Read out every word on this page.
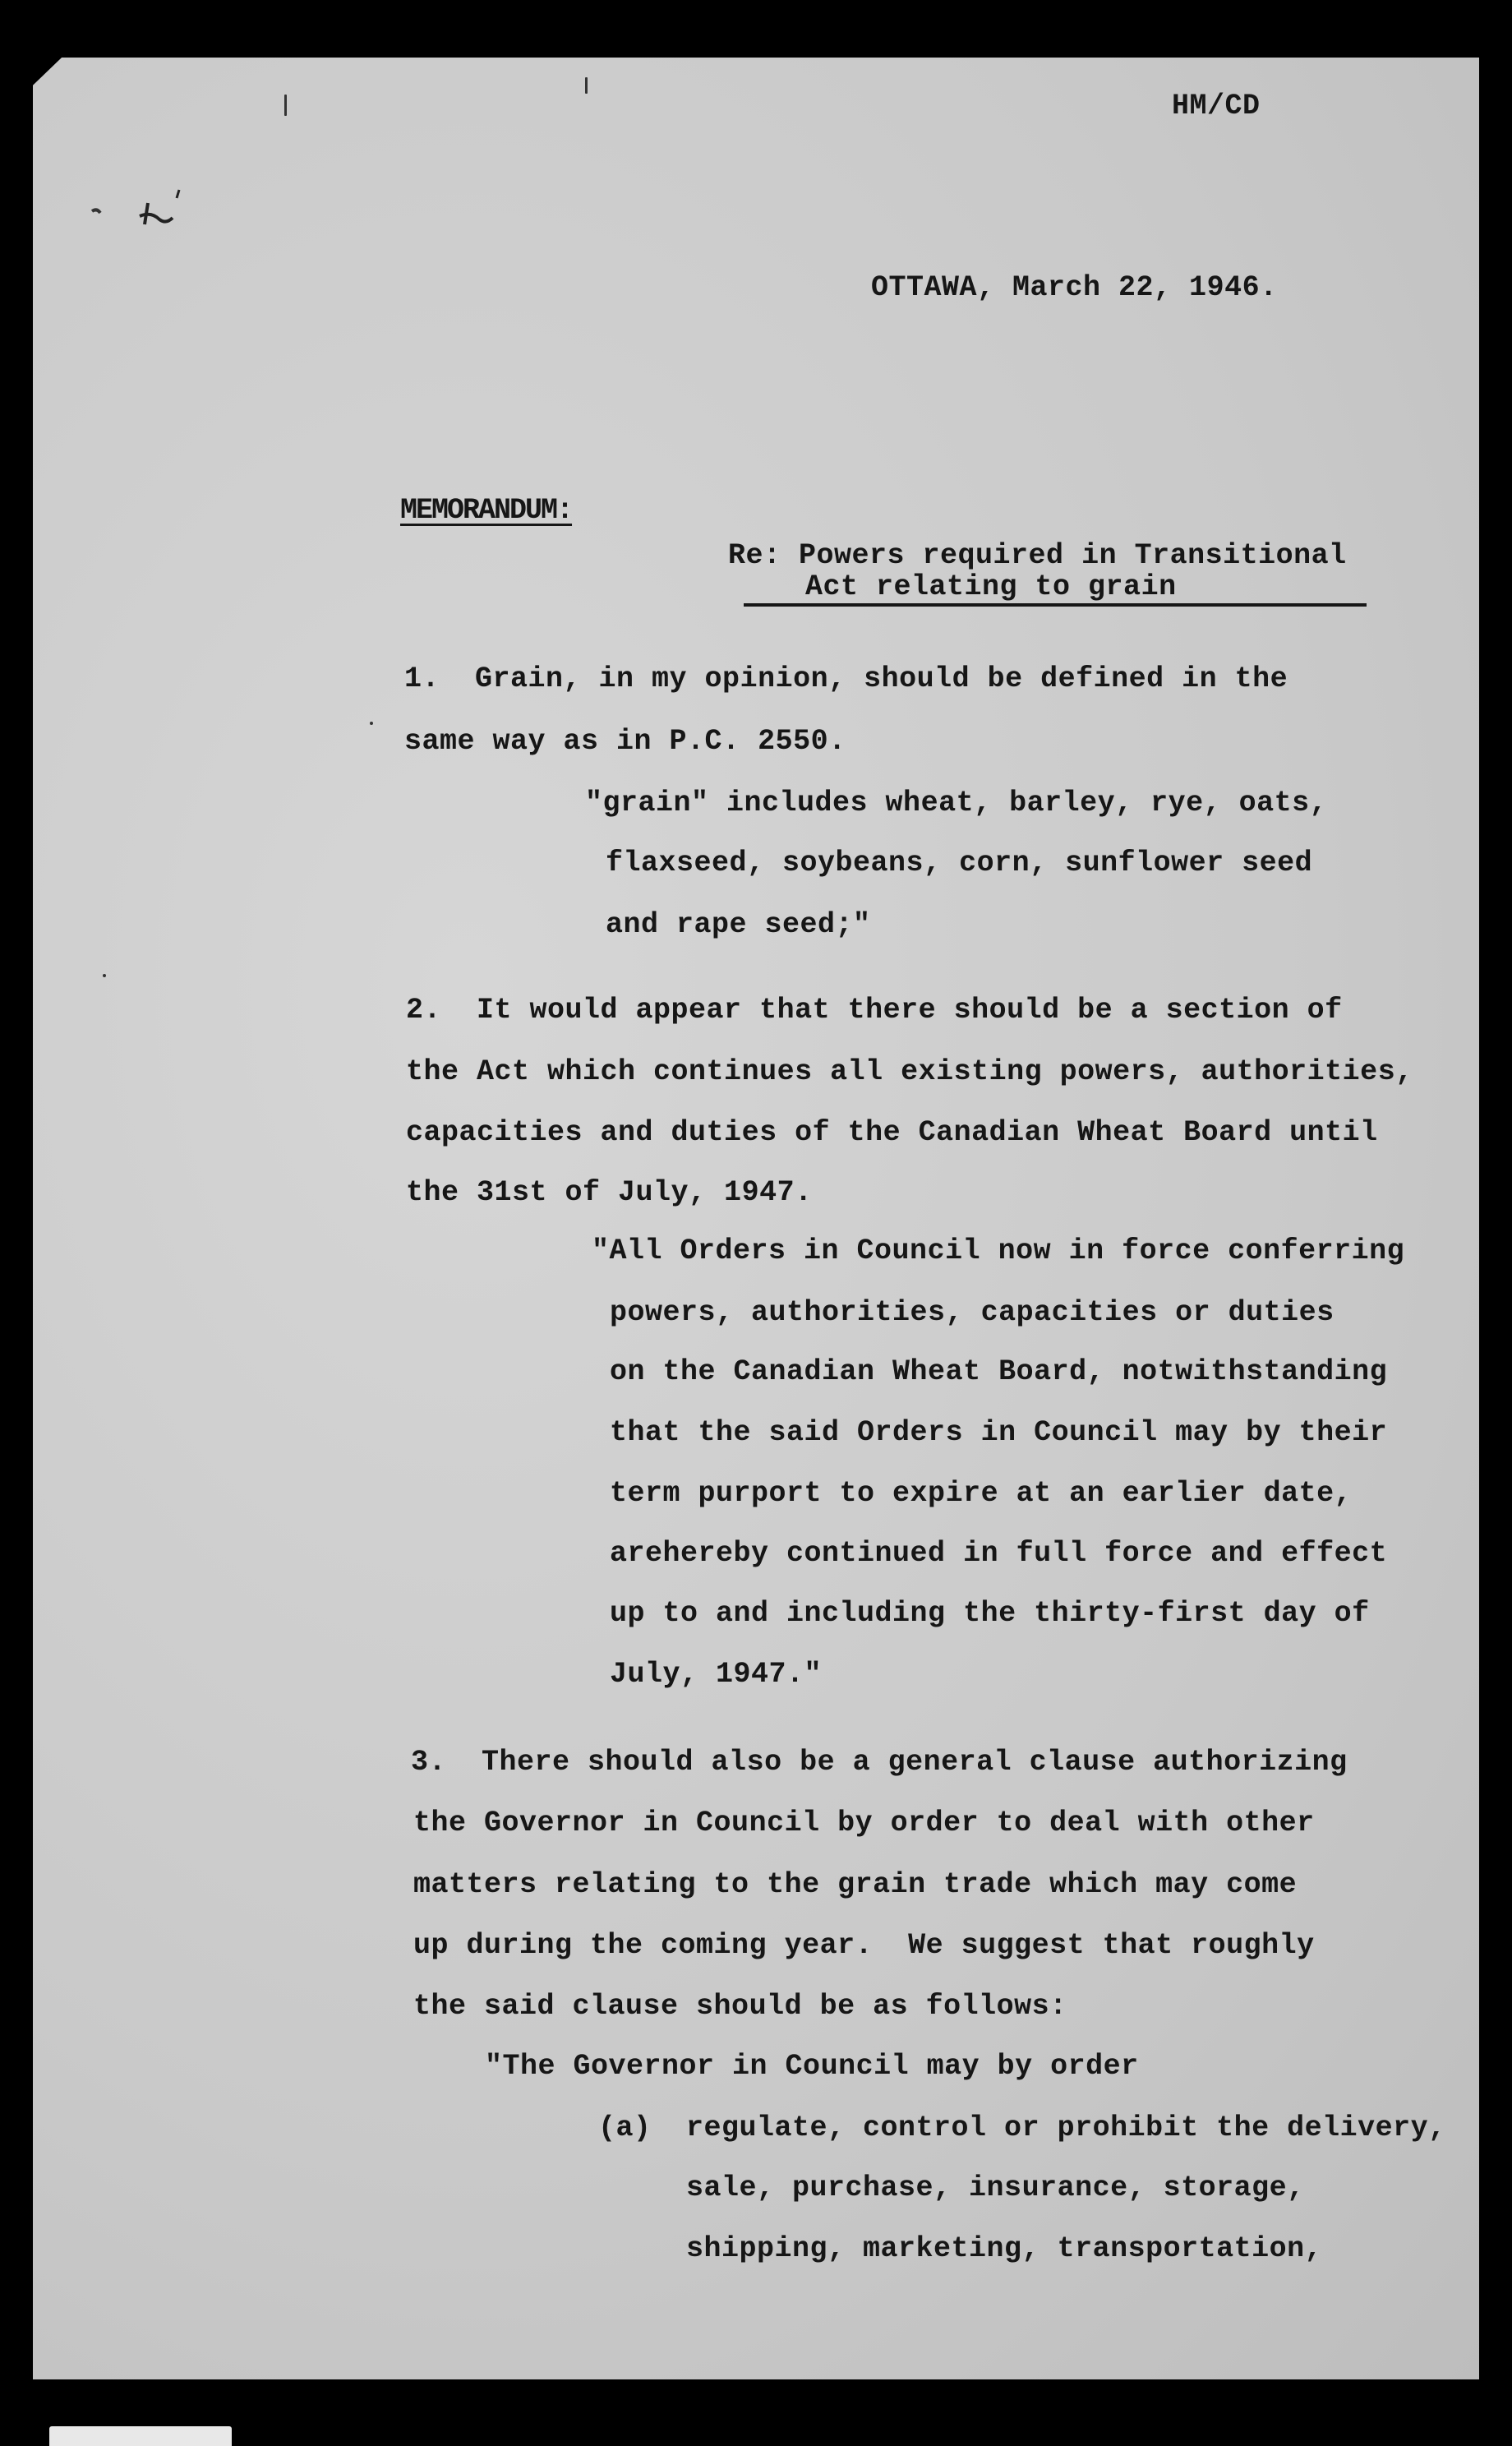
HM/CD
OTTAWA, March 22, 1946.
MEMORANDUM:
Re: Powers required in Transitional
Act relating to grain
1.  Grain, in my opinion, should be defined in the
same way as in P.C. 2550.
"grain" includes wheat, barley, rye, oats,
flaxseed, soybeans, corn, sunflower seed
and rape seed;"
2.  It would appear that there should be a section of
the Act which continues all existing powers, authorities,
capacities and duties of the Canadian Wheat Board until
the 31st of July, 1947.
"All Orders in Council now in force conferring
powers, authorities, capacities or duties
on the Canadian Wheat Board, notwithstanding
that the said Orders in Council may by their
term purport to expire at an earlier date,
arehereby continued in full force and effect
up to and including the thirty-first day of
July, 1947."
3.  There should also be a general clause authorizing
the Governor in Council by order to deal with other
matters relating to the grain trade which may come
up during the coming year.  We suggest that roughly
the said clause should be as follows:
"The Governor in Council may by order
(a) regulate, control or prohibit the delivery,
sale, purchase, insurance, storage,
shipping, marketing, transportation,
